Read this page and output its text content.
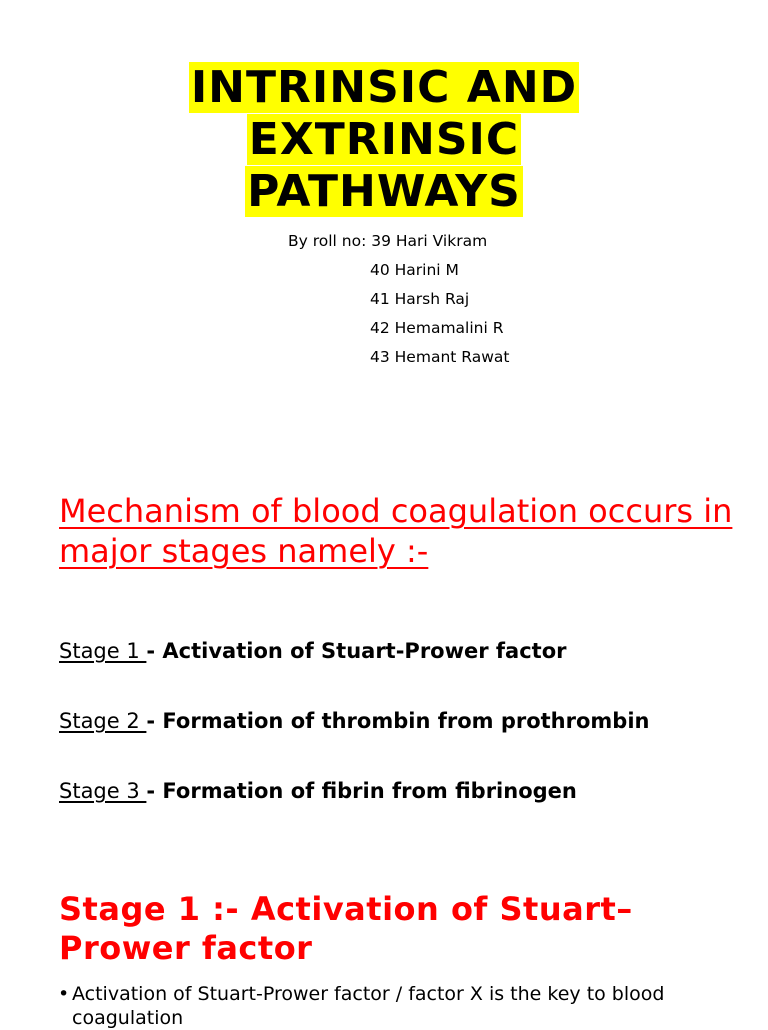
INTRINSIC AND
EXTRINSIC
PATHWAYS
By roll no: 39 Hari Vikram
40 Harini M
41 Harsh Raj
42 Hemamalini R
43 Hemant Rawat
Mechanism of blood coagulation occurs in major stages namely :-
Stage 1 - Activation of Stuart-Prower factor
Stage 2 - Formation of thrombin from prothrombin
Stage 3 - Formation of fibrin from fibrinogen
Stage 1 :- Activation of Stuart–Prower factor
• Activation of Stuart-Prower factor / factor X is the key to blood
coagulation
